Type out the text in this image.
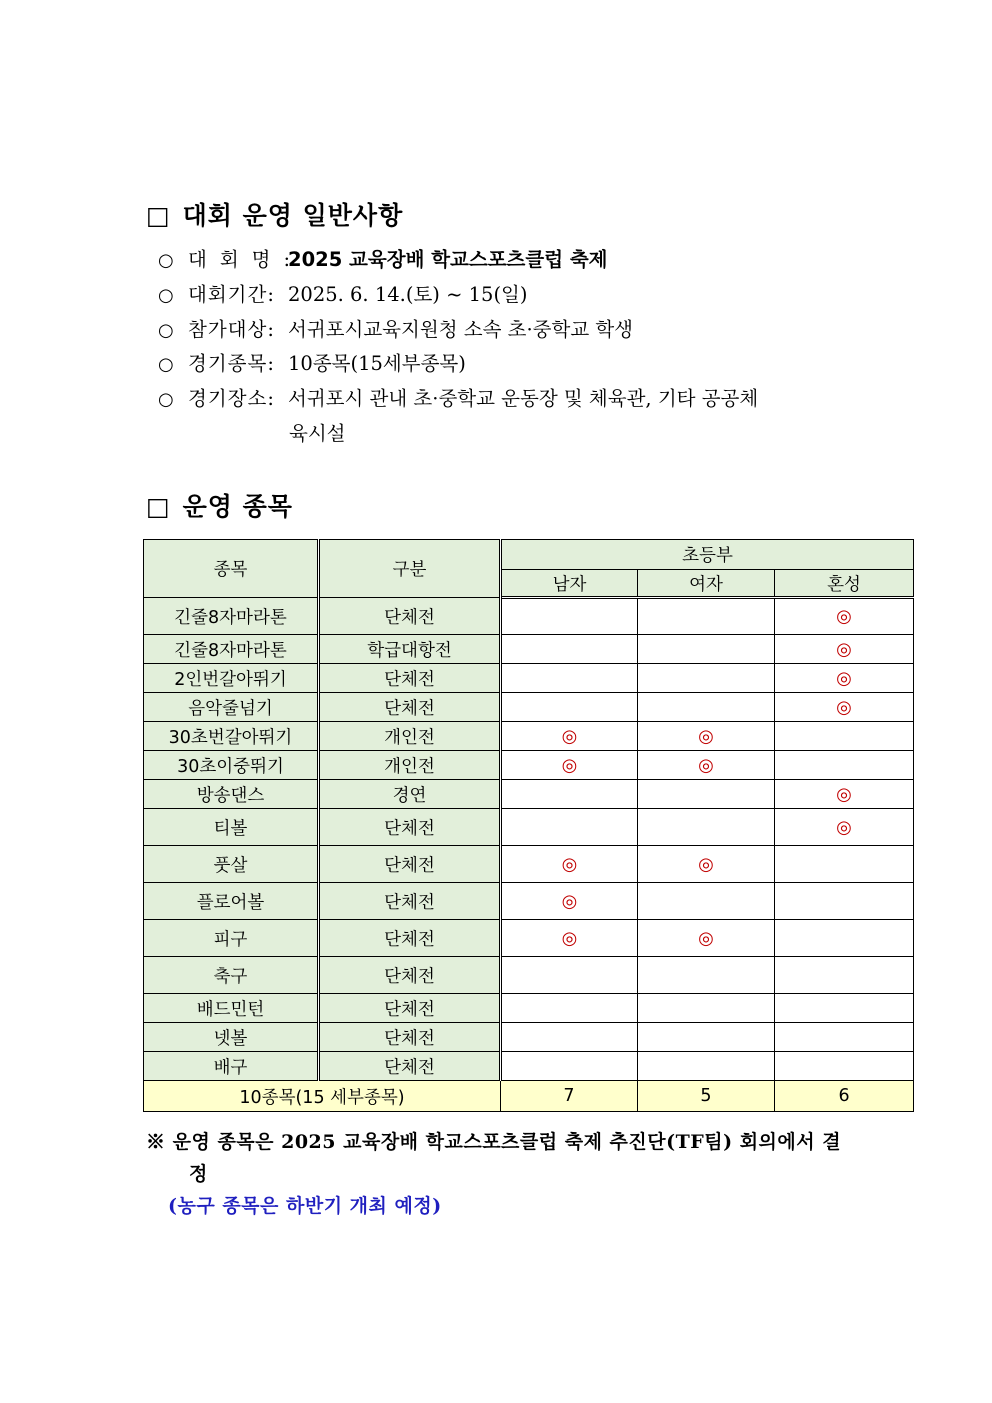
□ 대회 운영 일반사항
○ 대회명:2025 교육장배 학교스포츠클럽 축제
○ 대회기간: 2025. 6. 14.(토) ~ 15(일)
○ 참가대상: 서귀포시교육지원청 소속 초·중학교 학생
○ 경기종목: 10종목(15세부종목)
○ 경기장소: 서귀포시 관내 초·중학교 운동장 및 체육관, 기타 공공체
육시설
□ 운영 종목
종목	구분	초등부		
		남자	여자	혼성
긴줄8자마라톤	단체전			◎
긴줄8자마라톤	학급대항전			◎
2인번갈아뛰기	단체전			◎
음악줄넘기	단체전			◎
30초번갈아뛰기	개인전	◎	◎	
30초이중뛰기	개인전	◎	◎	
방송댄스	경연			◎
티볼	단체전			◎
풋살	단체전	◎	◎	
플로어볼	단체전	◎		
피구	단체전	◎	◎	
축구	단체전			
배드민턴	단체전			
넷볼	단체전			
배구	단체전			
10종목(15 세부종목)		7	5	6
※ 운영 종목은 2025 교육장배 학교스포츠클럽 축제 추진단(TF팀) 회의에서 결
정
(농구 종목은 하반기 개최 예정)
